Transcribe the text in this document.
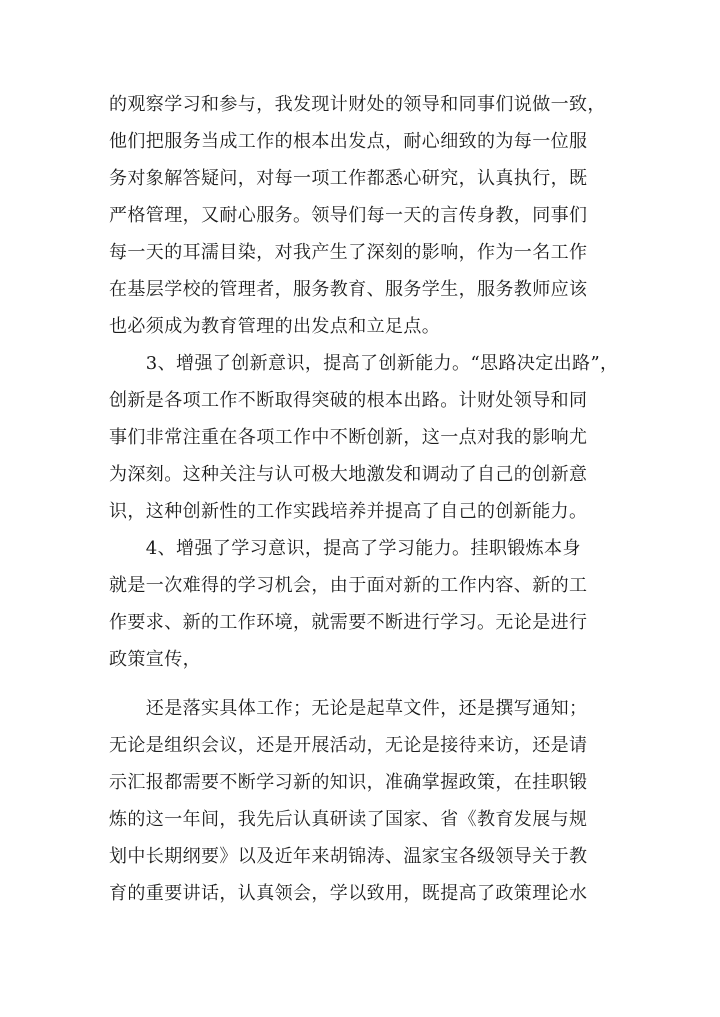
的观察学习和参与，我发现计财处的领导和同事们说做一致，
他们把服务当成工作的根本出发点，耐心细致的为每一位服
务对象解答疑问，对每一项工作都悉心研究，认真执行，既
严格管理，又耐心服务。领导们每一天的言传身教，同事们
每一天的耳濡目染，对我产生了深刻的影响，作为一名工作
在基层学校的管理者，服务教育、服务学生，服务教师应该
也必须成为教育管理的出发点和立足点。
　　3、增强了创新意识，提高了创新能力。“思路决定出路”，
创新是各项工作不断取得突破的根本出路。计财处领导和同
事们非常注重在各项工作中不断创新，这一点对我的影响尤
为深刻。这种关注与认可极大地激发和调动了自己的创新意
识，这种创新性的工作实践培养并提高了自己的创新能力。
　　4、增强了学习意识，提高了学习能力。挂职锻炼本身
就是一次难得的学习机会，由于面对新的工作内容、新的工
作要求、新的工作环境，就需要不断进行学习。无论是进行
政策宣传，
　　还是落实具体工作；无论是起草文件，还是撰写通知；
无论是组织会议，还是开展活动，无论是接待来访，还是请
示汇报都需要不断学习新的知识，准确掌握政策，在挂职锻
炼的这一年间，我先后认真研读了国家、省《教育发展与规
划中长期纲要》以及近年来胡锦涛、温家宝各级领导关于教
育的重要讲话，认真领会，学以致用，既提高了政策理论水
